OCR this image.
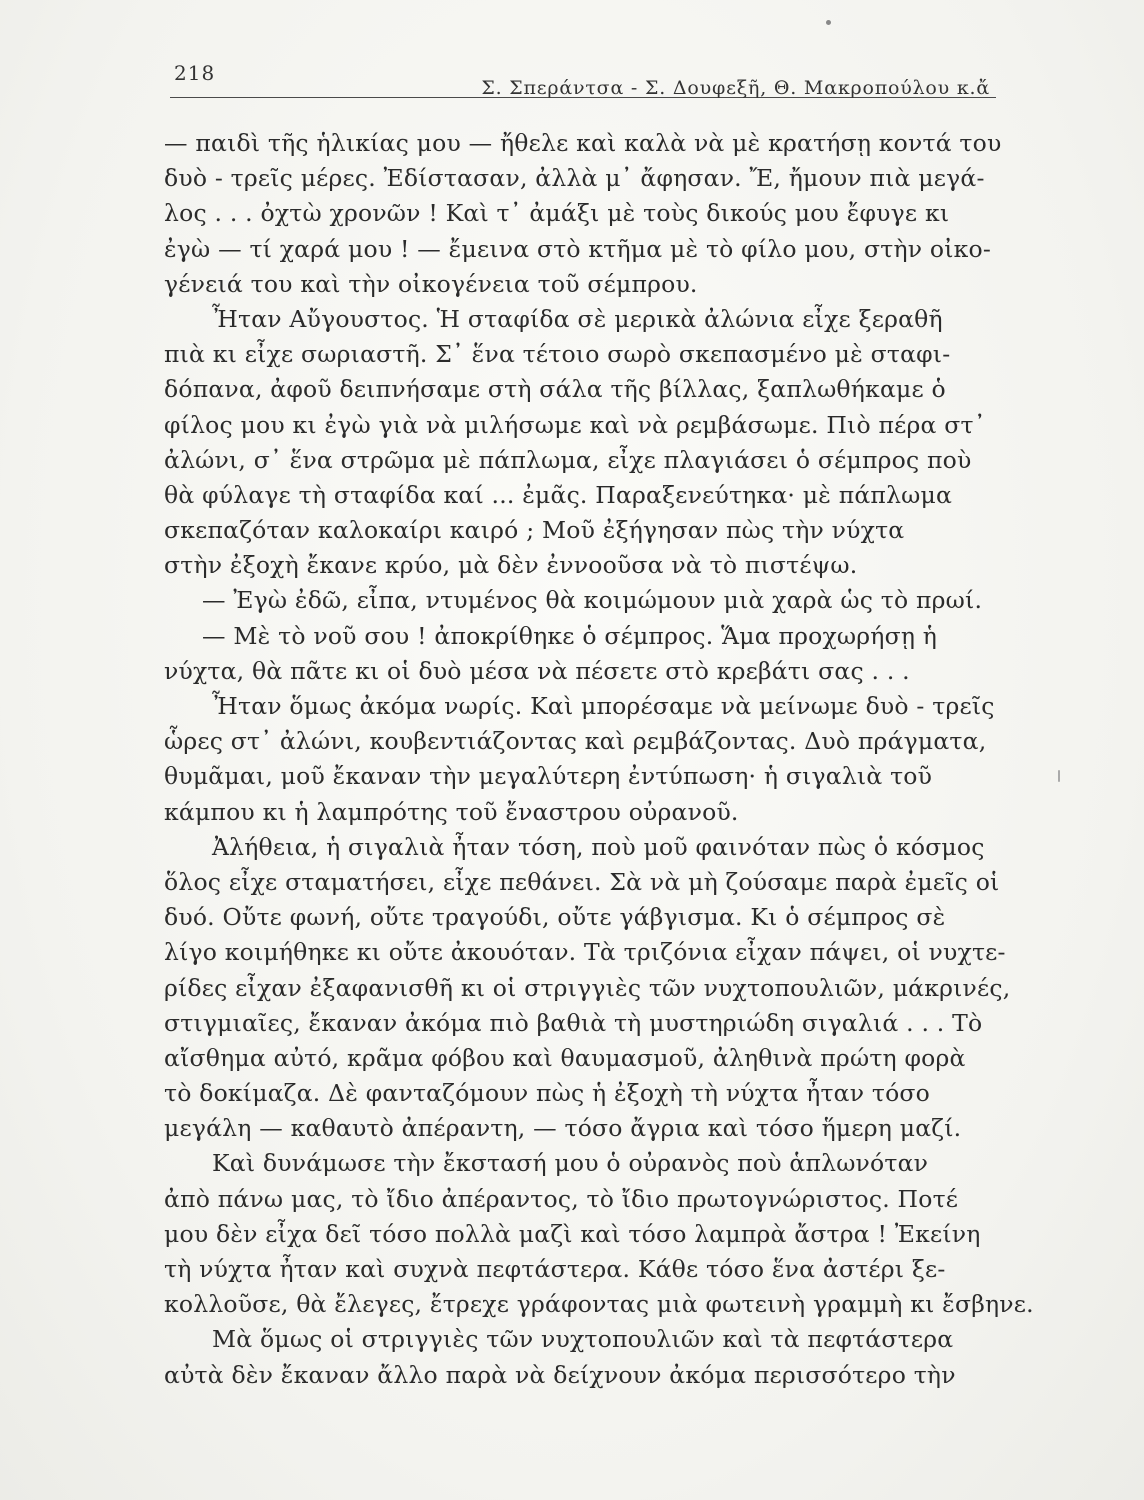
218
Σ. Σπεράντσα - Σ. Δουφεξῆ, Θ. Μακροπούλου κ.ἄ
— παιδὶ τῆς ἡλικίας μου — ἤθελε καὶ καλὰ νὰ μὲ κρατήσῃ κοντά του
δυὸ - τρεῖς μέρες. Ἐδίστασαν, ἀλλὰ μ᾿ ἄφησαν. Ἔ, ἤμουν πιὰ μεγά-
λος . . . ὀχτὼ χρονῶν ! Καὶ τ᾿ ἀμάξι μὲ τοὺς δικούς μου ἔφυγε κι
ἐγὼ — τί χαρά μου ! — ἔμεινα στὸ κτῆμα μὲ τὸ φίλο μου, στὴν οἰκο-
γένειά του καὶ τὴν οἰκογένεια τοῦ σέμπρου.
Ἦταν Αὔγουστος. Ἡ σταφίδα σὲ μερικὰ ἀλώνια εἶχε ξεραθῆ
πιὰ κι εἶχε σωριαστῆ. Σ᾿ ἕνα τέτοιο σωρὸ σκεπασμένο μὲ σταφι-
δόπανα, ἀφοῦ δειπνήσαμε στὴ σάλα τῆς βίλλας, ξαπλωθήκαμε ὁ
φίλος μου κι ἐγὼ γιὰ νὰ μιλήσωμε καὶ νὰ ρεμβάσωμε. Πιὸ πέρα στ᾿
ἀλώνι, σ᾿ ἕνα στρῶμα μὲ πάπλωμα, εἶχε πλαγιάσει ὁ σέμπρος ποὺ
θὰ φύλαγε τὴ σταφίδα καί ... ἐμᾶς. Παραξενεύτηκα· μὲ πάπλωμα
σκεπαζόταν καλοκαίρι καιρό ; Μοῦ ἐξήγησαν πὼς τὴν νύχτα
στὴν ἐξοχὴ ἔκανε κρύο, μὰ δὲν ἐννοοῦσα νὰ τὸ πιστέψω.
— Ἐγὼ ἐδῶ, εἶπα, ντυμένος θὰ κοιμώμουν μιὰ χαρὰ ὡς τὸ πρωί.
— Μὲ τὸ νοῦ σου ! ἀποκρίθηκε ὁ σέμπρος. Ἅμα προχωρήσῃ ἡ
νύχτα, θὰ πᾶτε κι οἱ δυὸ μέσα νὰ πέσετε στὸ κρεβάτι σας . . .
Ἦταν ὅμως ἀκόμα νωρίς. Καὶ μπορέσαμε νὰ μείνωμε δυὸ - τρεῖς
ὧρες στ᾿ ἀλώνι, κουβεντιάζοντας καὶ ρεμβάζοντας. Δυὸ πράγματα,
θυμᾶμαι, μοῦ ἔκαναν τὴν μεγαλύτερη ἐντύπωση· ἡ σιγαλιὰ τοῦ
κάμπου κι ἡ λαμπρότης τοῦ ἔναστρου οὐρανοῦ.
Ἀλήθεια, ἡ σιγαλιὰ ἦταν τόση, ποὺ μοῦ φαινόταν πὼς ὁ κόσμος
ὅλος εἶχε σταματήσει, εἶχε πεθάνει. Σὰ νὰ μὴ ζούσαμε παρὰ ἐμεῖς οἱ
δυό. Οὔτε φωνή, οὔτε τραγούδι, οὔτε γάβγισμα. Κι ὁ σέμπρος σὲ
λίγο κοιμήθηκε κι οὔτε ἀκουόταν. Τὰ τριζόνια εἶχαν πάψει, οἱ νυχτε-
ρίδες εἶχαν ἐξαφανισθῆ κι οἱ στριγγιὲς τῶν νυχτοπουλιῶν, μάκρινές,
στιγμιαῖες, ἔκαναν ἀκόμα πιὸ βαθιὰ τὴ μυστηριώδη σιγαλιά . . . Τὸ
αἴσθημα αὐτό, κρᾶμα φόβου καὶ θαυμασμοῦ, ἀληθινὰ πρώτη φορὰ
τὸ δοκίμαζα. Δὲ φανταζόμουν πὼς ἡ ἐξοχὴ τὴ νύχτα ἦταν τόσο
μεγάλη — καθαυτὸ ἀπέραντη, — τόσο ἄγρια καὶ τόσο ἥμερη μαζί.
Καὶ δυνάμωσε τὴν ἔκστασή μου ὁ οὐρανὸς ποὺ ἁπλωνόταν
ἀπὸ πάνω μας, τὸ ἴδιο ἀπέραντος, τὸ ἴδιο πρωτογνώριστος. Ποτέ
μου δὲν εἶχα δεῖ τόσο πολλὰ μαζὶ καὶ τόσο λαμπρὰ ἄστρα ! Ἐκείνη
τὴ νύχτα ἦταν καὶ συχνὰ πεφτάστερα. Κάθε τόσο ἕνα ἀστέρι ξε-
κολλοῦσε, θὰ ἔλεγες, ἔτρεχε γράφοντας μιὰ φωτεινὴ γραμμὴ κι ἔσβηνε.
Μὰ ὅμως οἱ στριγγιὲς τῶν νυχτοπουλιῶν καὶ τὰ πεφτάστερα
αὐτὰ δὲν ἔκαναν ἄλλο παρὰ νὰ δείχνουν ἀκόμα περισσότερο τὴν
